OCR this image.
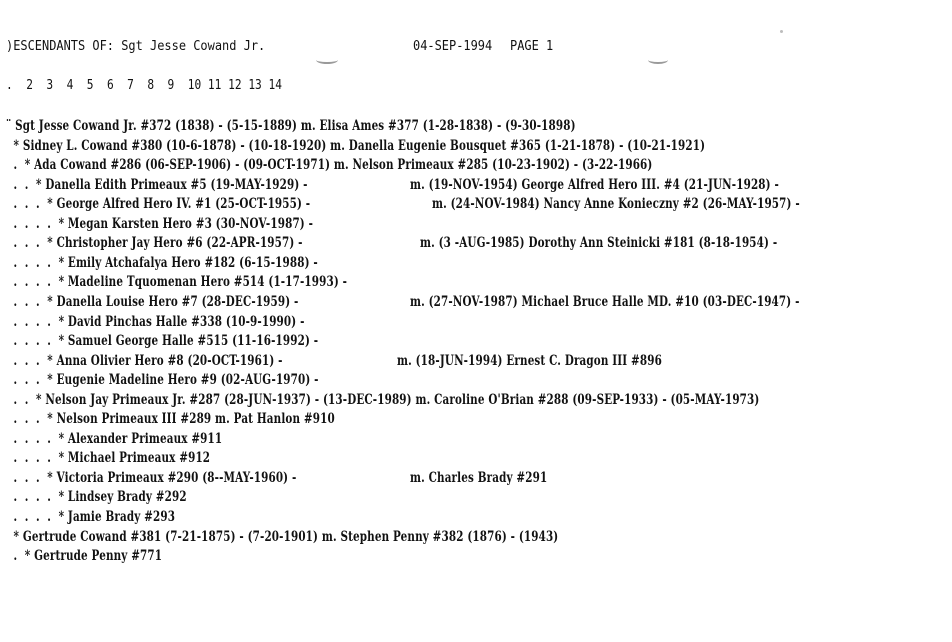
)ESCENDANTS OF: Sgt Jesse Cowand Jr.	04-SEP-1994 PAGE 1
.  2  3  4  5  6  7  8  9  10 11 12 13 14
¨ Sgt Jesse Cowand Jr. #372 (1838) - (5-15-1889) m. Elisa Ames #377 (1-28-1838) - (9-30-1898)
* Sidney L. Cowand #380 (10-6-1878) - (10-18-1920) m. Danella Eugenie Bousquet #365 (1-21-1878) - (10-21-1921)
.  * Ada Cowand #286 (06-SEP-1906) - (09-OCT-1971) m. Nelson Primeaux #285 (10-23-1902) - (3-22-1966)
.  .  * Danella Edith Primeaux #5 (19-MAY-1929) -	m. (19-NOV-1954) George Alfred Hero III. #4 (21-JUN-1928) -
.  .  .  * George Alfred Hero IV. #1 (25-OCT-1955) -	m. (24-NOV-1984) Nancy Anne Konieczny #2 (26-MAY-1957) -
.  .  .  .  * Megan Karsten Hero #3 (30-NOV-1987) -
.  .  .  * Christopher Jay Hero #6 (22-APR-1957) -	m. (3 -AUG-1985) Dorothy Ann Steinicki #181 (8-18-1954) -
.  .  .  .  * Emily Atchafalya Hero #182 (6-15-1988) -
.  .  .  .  * Madeline Tquomenan Hero #514 (1-17-1993) -
.  .  .  * Danella Louise Hero #7 (28-DEC-1959) -	m. (27-NOV-1987) Michael Bruce Halle MD. #10 (03-DEC-1947) -
.  .  .  .  * David Pinchas Halle #338 (10-9-1990) -
.  .  .  .  * Samuel George Halle #515 (11-16-1992) -
.  .  .  * Anna Olivier Hero #8 (20-OCT-1961) -	m. (18-JUN-1994) Ernest C. Dragon III #896
.  .  .  * Eugenie Madeline Hero #9 (02-AUG-1970) -
.  .  * Nelson Jay Primeaux Jr. #287 (28-JUN-1937) - (13-DEC-1989) m. Caroline O'Brian #288 (09-SEP-1933) - (05-MAY-1973)
.  .  .  * Nelson Primeaux III #289 m. Pat Hanlon #910
.  .  .  .  * Alexander Primeaux #911
.  .  .  .  * Michael Primeaux #912
.  .  .  * Victoria Primeaux #290 (8--MAY-1960) -	m. Charles Brady #291
.  .  .  .  * Lindsey Brady #292
.  .  .  .  * Jamie Brady #293
* Gertrude Cowand #381 (7-21-1875) - (7-20-1901) m. Stephen Penny #382 (1876) - (1943)
.  * Gertrude Penny #771
